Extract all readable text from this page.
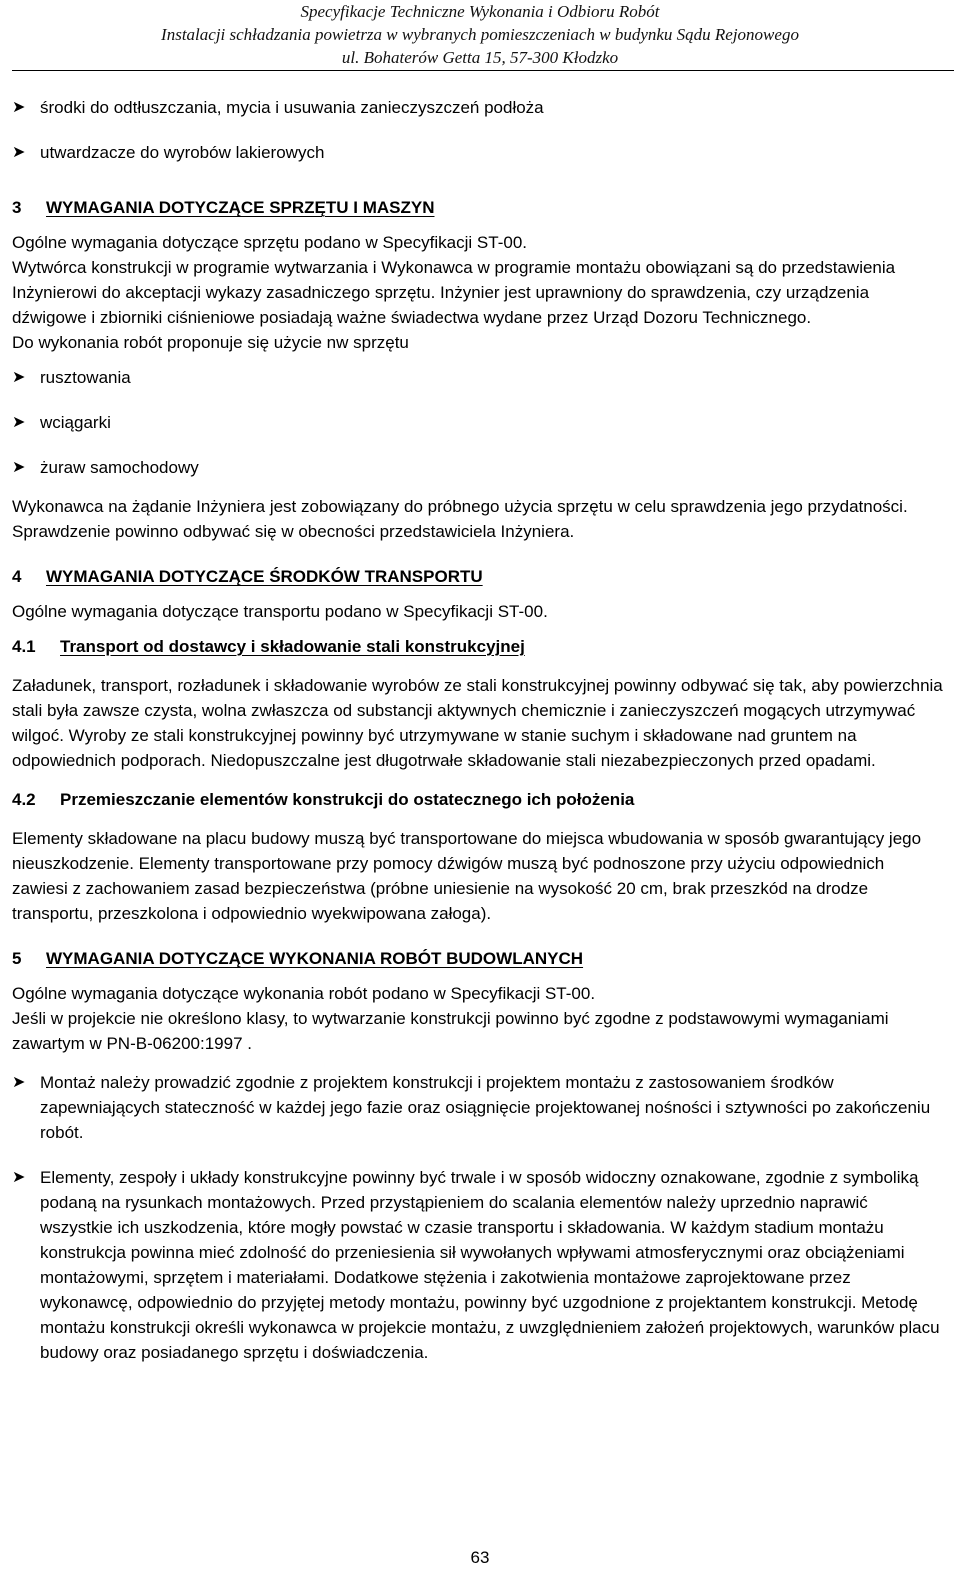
Specyfikacje Techniczne Wykonania i Odbioru Robót
Instalacji schładzania powietrza w wybranych pomieszczeniach w budynku Sądu Rejonowego
ul. Bohaterów Getta 15, 57-300 Kłodzko
➤ środki do odtłuszczania, mycia i usuwania zanieczyszczeń podłoża
➤ utwardzacze do wyrobów lakierowych
3	WYMAGANIA DOTYCZĄCE SPRZĘTU I MASZYN

Ogólne wymagania dotyczące sprzętu podano w Specyfikacji ST-00.

Wytwórca konstrukcji w programie wytwarzania i Wykonawca w programie montażu obowiązani są do przedstawienia Inżynierowi do akceptacji wykazy zasadniczego sprzętu. Inżynier jest uprawniony do sprawdzenia, czy urządzenia dźwigowe i zbiorniki ciśnieniowe posiadają ważne świadectwa wydane przez Urząd Dozoru Technicznego.

Do wykonania robót proponuje się użycie nw sprzętu

➤ rusztowania
➤ wciągarki
➤ żuraw samochodowy

Wykonawca na żądanie Inżyniera jest zobowiązany do próbnego użycia sprzętu w celu sprawdzenia jego przydatności. Sprawdzenie powinno odbywać się w obecności przedstawiciela Inżyniera.

4	WYMAGANIA DOTYCZĄCE ŚRODKÓW TRANSPORTU

Ogólne wymagania dotyczące transportu podano w Specyfikacji ST-00.

4.1	Transport od dostawcy i składowanie stali konstrukcyjnej

Załadunek, transport, rozładunek i składowanie wyrobów ze stali konstrukcyjnej powinny odbywać się tak, aby powierzchnia stali była zawsze czysta, wolna zwłaszcza od substancji aktywnych chemicznie i zanieczyszczeń mogących utrzymywać wilgoć. Wyroby ze stali konstrukcyjnej powinny być utrzymywane w stanie suchym i składowane nad gruntem na odpowiednich podporach. Niedopuszczalne jest długotrwałe składowanie stali niezabezpieczonych przed opadami.

4.2	Przemieszczanie elementów konstrukcji do ostatecznego ich położenia

Elementy składowane na placu budowy muszą być transportowane do miejsca wbudowania w sposób gwarantujący jego nieuszkodzenie. Elementy transportowane przy pomocy dźwigów muszą być podnoszone przy użyciu odpowiednich zawiesi z zachowaniem zasad bezpieczeństwa (próbne uniesienie na wysokość 20 cm, brak przeszkód na drodze transportu, przeszkolona i odpowiednio wyekwipowana załoga).

5	WYMAGANIA DOTYCZĄCE WYKONANIA ROBÓT BUDOWLANYCH

Ogólne wymagania dotyczące wykonania robót podano w Specyfikacji ST-00.

Jeśli w projekcie nie określono klasy, to wytwarzanie konstrukcji powinno być zgodne z podstawowymi wymaganiami zawartym w PN-B-06200:1997 .

➤ Montaż należy prowadzić zgodnie z projektem konstrukcji i projektem montażu z zastosowaniem środków zapewniających stateczność w każdej jego fazie oraz osiągnięcie projektowanej nośności i sztywności po zakończeniu robót.
➤ Elementy, zespoły i układy konstrukcyjne powinny być trwale i w sposób widoczny oznakowane, zgodnie z symboliką podaną na rysunkach montażowych. Przed przystąpieniem do scalania elementów należy uprzednio naprawić wszystkie ich uszkodzenia, które mogły powstać w czasie transportu i składowania. W każdym stadium montażu konstrukcja powinna mieć zdolność do przeniesienia sił wywołanych wpływami atmosferycznymi oraz obciążeniami montażowymi, sprzętem i materiałami. Dodatkowe stężenia i zakotwienia montażowe zaprojektowane przez wykonawcę, odpowiednio do przyjętej metody montażu, powinny być uzgodnione z projektantem konstrukcji. Metodę montażu konstrukcji określi wykonawca w projekcie montażu, z uwzględnieniem założeń projektowych, warunków placu budowy oraz posiadanego sprzętu i doświadczenia.
63
